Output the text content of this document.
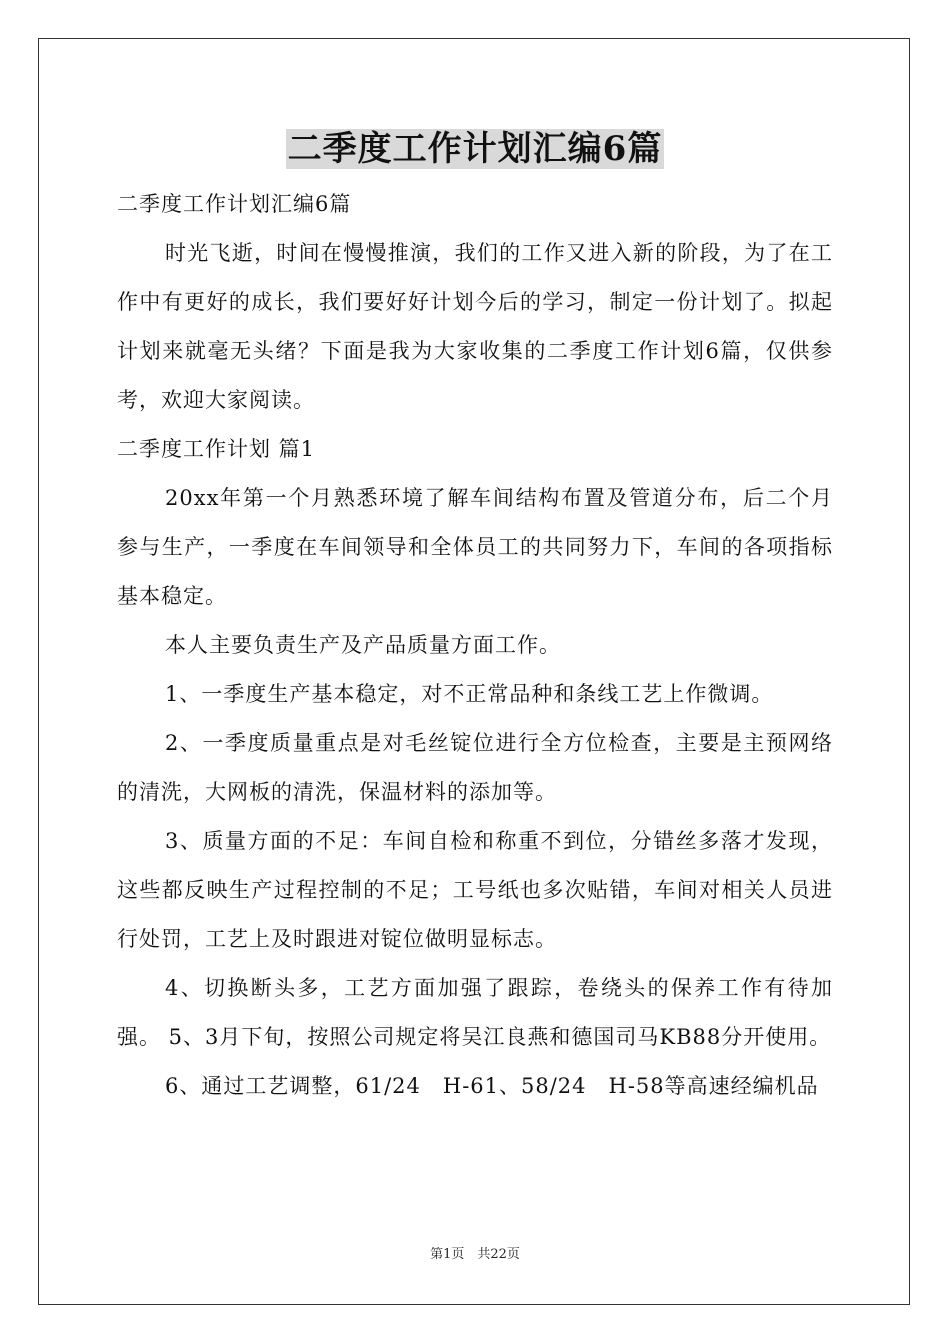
二季度工作计划汇编6篇

二季度工作计划汇编6篇

时光飞逝，时间在慢慢推演，我们的工作又进入新的阶段，为了在工作中有更好的成长，我们要好好计划今后的学习，制定一份计划了。拟起计划来就毫无头绪？下面是我为大家收集的二季度工作计划6篇，仅供参考，欢迎大家阅读。

二季度工作计划 篇1

20xx年第一个月熟悉环境了解车间结构布置及管道分布，后二个月参与生产，一季度在车间领导和全体员工的共同努力下，车间的各项指标基本稳定。

本人主要负责生产及产品质量方面工作。

1、一季度生产基本稳定，对不正常品种和条线工艺上作微调。

2、一季度质量重点是对毛丝锭位进行全方位检查，主要是主预网络的清洗，大网板的清洗，保温材料的添加等。

3、质量方面的不足：车间自检和称重不到位，分错丝多落才发现，这些都反映生产过程控制的不足；工号纸也多次贴错，车间对相关人员进行处罚，工艺上及时跟进对锭位做明显标志。

4、切换断头多，工艺方面加强了跟踪，卷绕头的保养工作有待加强。 5、3月下旬，按照公司规定将吴江良燕和德国司马KB88分开使用。

6、通过工艺调整，61/24　H-61、58/24　H-58等高速经编机品

第1页　共22页
